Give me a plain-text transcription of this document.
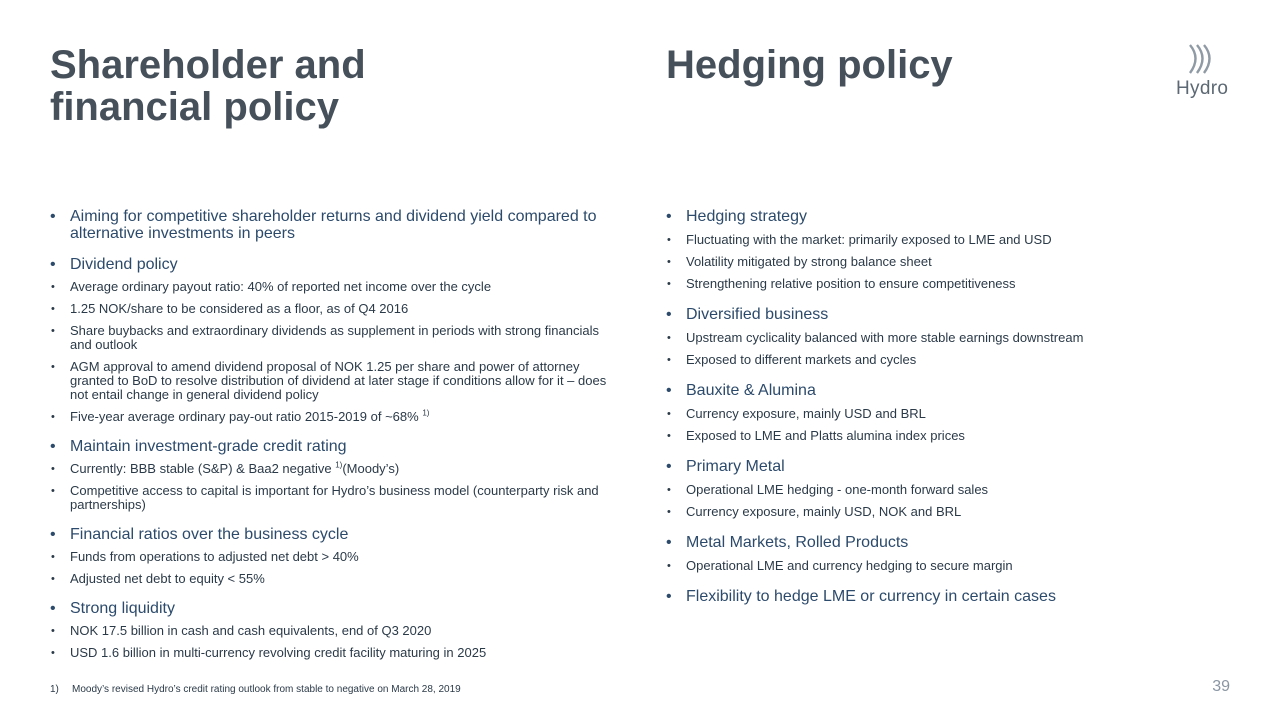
Shareholder and financial policy
Hedging policy
Hydro
• Aiming for competitive shareholder returns and dividend yield compared to alternative investments in peers
• Dividend policy
• Average ordinary payout ratio: 40% of reported net income over the cycle
• 1.25 NOK/share to be considered as a floor, as of Q4 2016
• Share buybacks and extraordinary dividends as supplement in periods with strong financials and outlook
• AGM approval to amend dividend proposal of NOK 1.25 per share and power of attorney granted to BoD to resolve distribution of dividend at later stage if conditions allow for it – does not entail change in general dividend policy
• Five-year average ordinary pay-out ratio 2015-2019 of ~68% $^{1)}$
• Maintain investment-grade credit rating
• Currently: BBB stable (S&P) & Baa2 negative $^{1)}$(Moody’s)
• Competitive access to capital is important for Hydro’s business model (counterparty risk and partnerships)
• Financial ratios over the business cycle
• Funds from operations to adjusted net debt > 40%
• Adjusted net debt to equity < 55%
• Strong liquidity
• NOK 17.5 billion in cash and cash equivalents, end of Q3 2020
• USD 1.6 billion in multi-currency revolving credit facility maturing in 2025
• Hedging strategy
• Fluctuating with the market: primarily exposed to LME and USD
• Volatility mitigated by strong balance sheet
• Strengthening relative position to ensure competitiveness
• Diversified business
• Upstream cyclicality balanced with more stable earnings downstream
• Exposed to different markets and cycles
• Bauxite & Alumina
• Currency exposure, mainly USD and BRL
• Exposed to LME and Platts alumina index prices
• Primary Metal
• Operational LME hedging - one-month forward sales
• Currency exposure, mainly USD, NOK and BRL
• Metal Markets, Rolled Products
• Operational LME and currency hedging to secure margin
• Flexibility to hedge LME or currency in certain cases
1) Moody’s revised Hydro’s credit rating outlook from stable to negative on March 28, 2019	39
